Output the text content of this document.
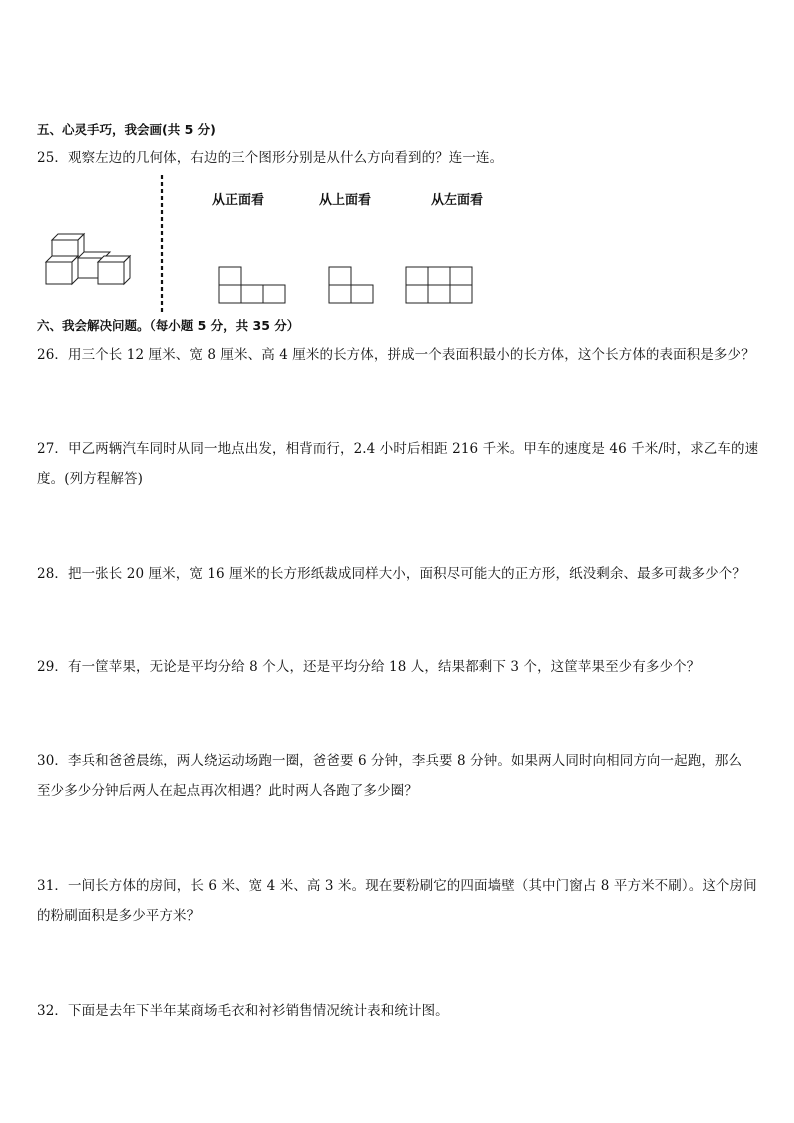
五、心灵手巧，我会画(共 5 分)
25．观察左边的几何体，右边的三个图形分别是从什么方向看到的？连一连。
从正面看	从上面看	从左面看
六、我会解决问题。（每小题 5 分，共 35 分）
26．用三个长 12 厘米、宽 8 厘米、高 4 厘米的长方体，拼成一个表面积最小的长方体，这个长方体的表面积是多少？
27．甲乙两辆汽车同时从同一地点出发，相背而行，2.4 小时后相距 216 千米。甲车的速度是 46 千米/时，求乙车的速
度。(列方程解答)
28．把一张长 20 厘米，宽 16 厘米的长方形纸裁成同样大小，面积尽可能大的正方形，纸没剩余、最多可裁多少个？
29．有一筐苹果，无论是平均分给 8 个人，还是平均分给 18 人，结果都剩下 3 个，这筐苹果至少有多少个？
30．李兵和爸爸晨练，两人绕运动场跑一圈，爸爸要 6 分钟，李兵要 8 分钟。如果两人同时向相同方向一起跑，那么
至少多少分钟后两人在起点再次相遇？此时两人各跑了多少圈？
31．一间长方体的房间，长 6 米、宽 4 米、高 3 米。现在要粉刷它的四面墙壁（其中门窗占 8 平方米不刷）。这个房间
的粉刷面积是多少平方米？
32．下面是去年下半年某商场毛衣和衬衫销售情况统计表和统计图。
